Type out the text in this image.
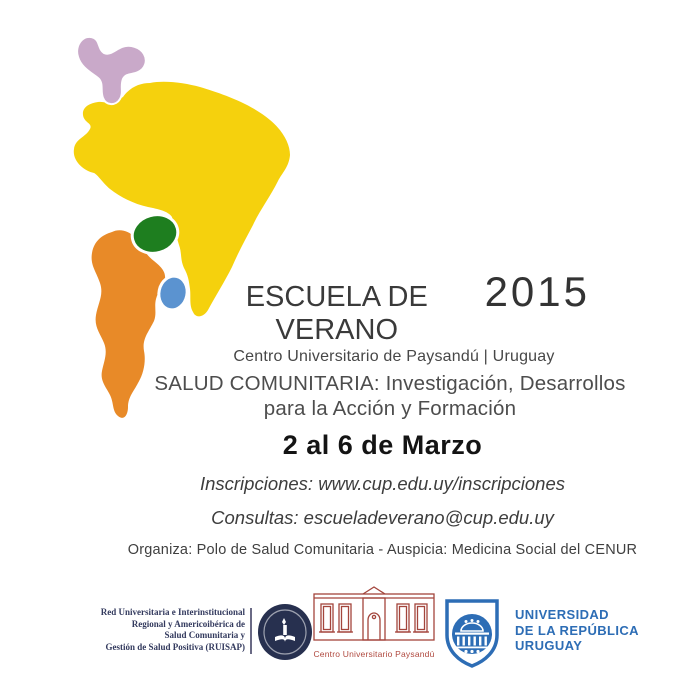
ESCUELA DE VERANO
2015
Centro Universitario de Paysandú | Uruguay
SALUD COMUNITARIA: Investigación, Desarrollos
para la Acción y Formación
2 al 6 de Marzo
Inscripciones: www.cup.edu.uy/inscripciones
Consultas: escueladeverano@cup.edu.uy
Organiza: Polo de Salud Comunitaria - Auspicia: Medicina Social del CENUR
Red Universitaria e Interinstitucional
Regional y Americoibérica de
Salud Comunitaria y
Gestión de Salud Positiva (RUISAP)
Centro Universitario Paysandú
UNIVERSIDAD
DE LA REPÚBLICA
URUGUAY
